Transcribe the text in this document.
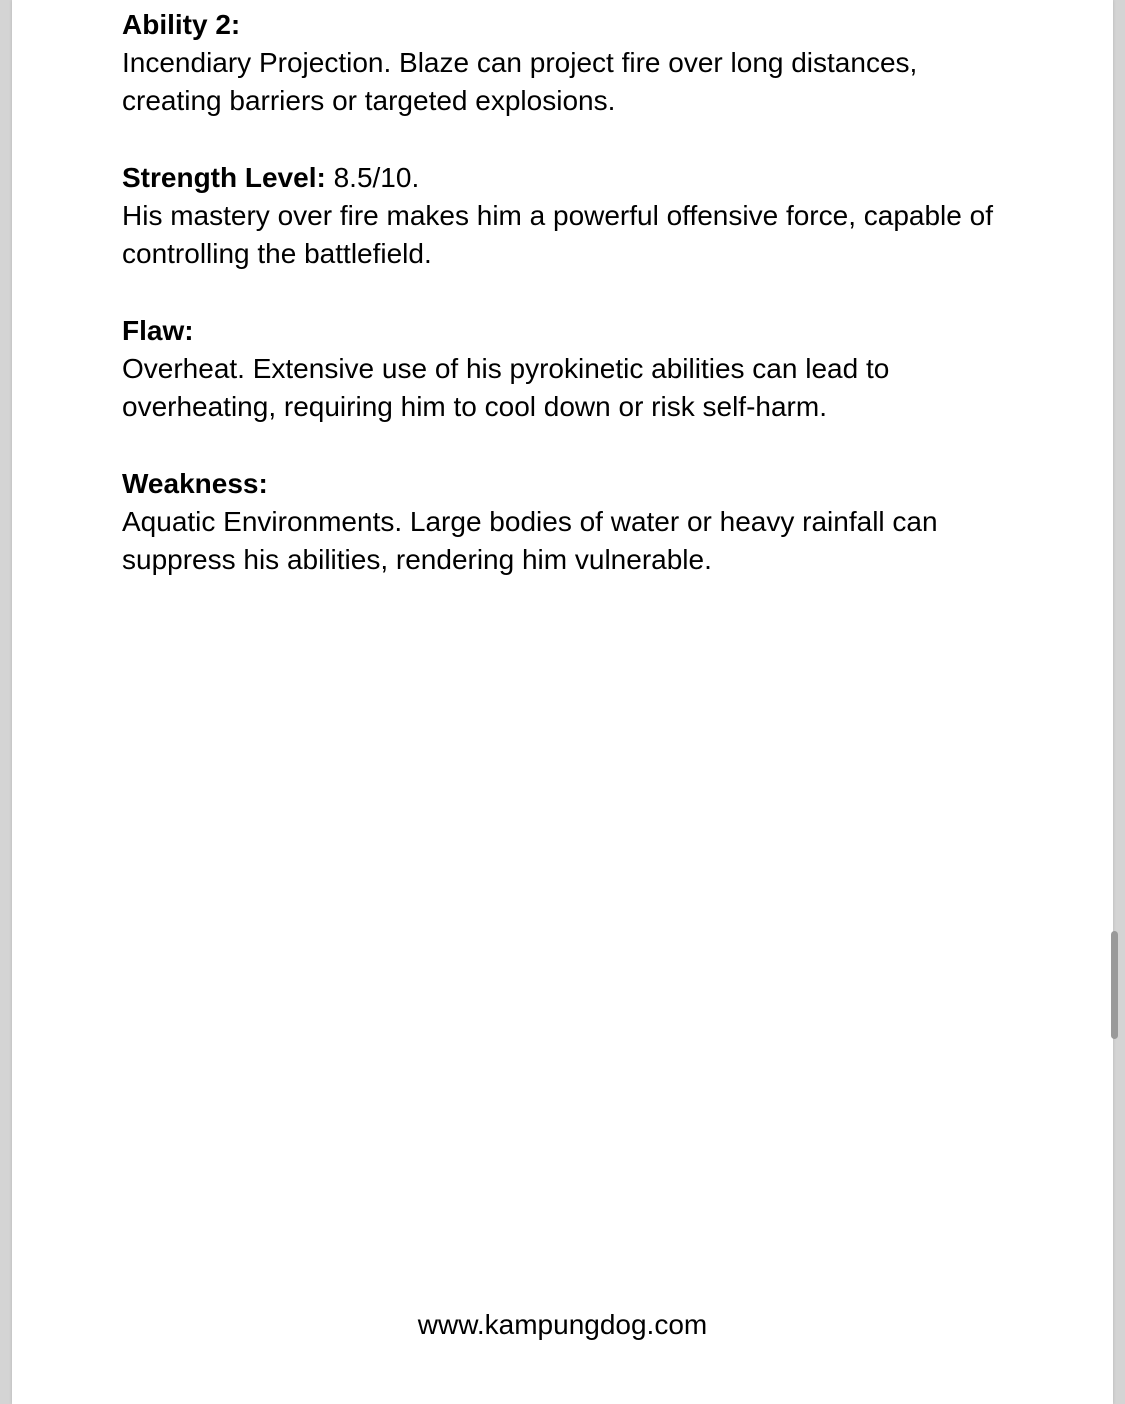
Ability 2:
Incendiary Projection. Blaze can project fire over long distances, creating barriers or targeted explosions.
Strength Level: 8.5/10.
His mastery over fire makes him a powerful offensive force, capable of controlling the battlefield.
Flaw:
Overheat. Extensive use of his pyrokinetic abilities can lead to overheating, requiring him to cool down or risk self-harm.
Weakness:
Aquatic Environments. Large bodies of water or heavy rainfall can suppress his abilities, rendering him vulnerable.
www.kampungdog.com
